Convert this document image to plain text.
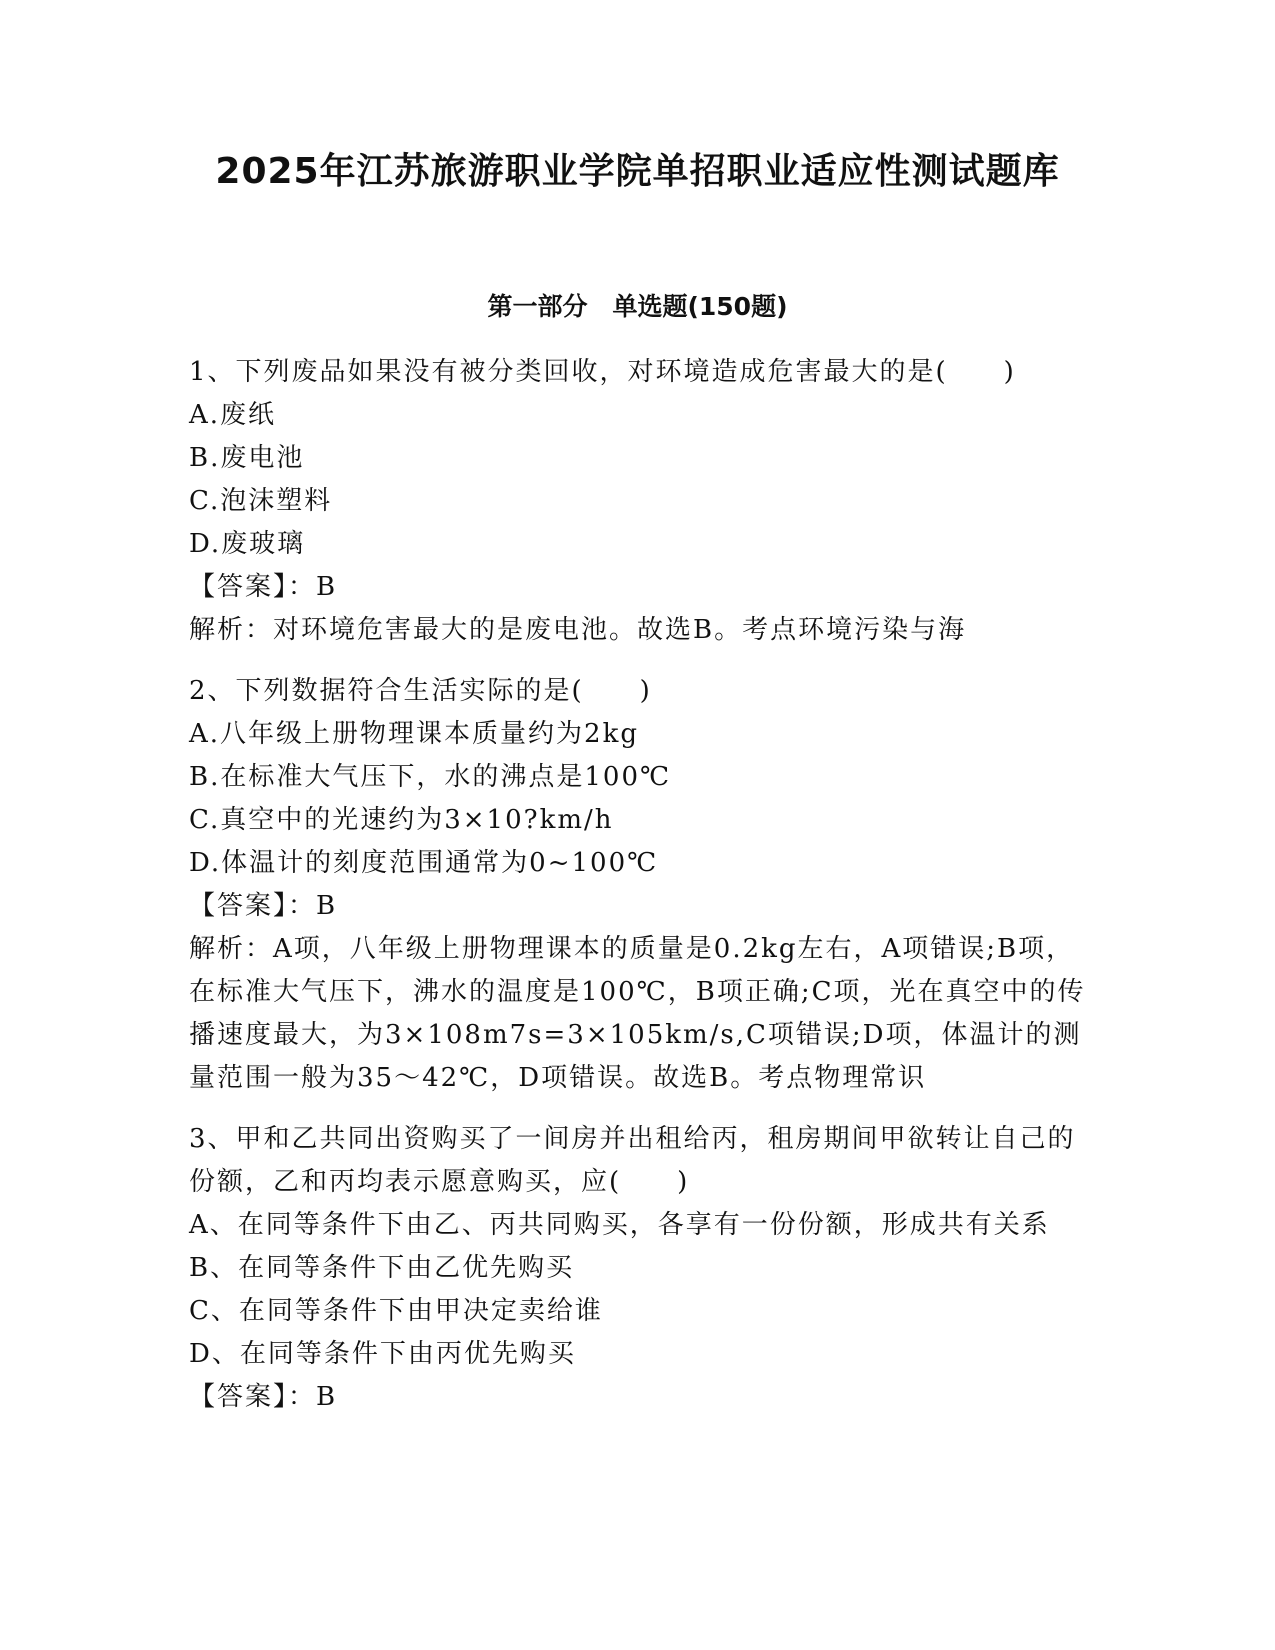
2025年江苏旅游职业学院单招职业适应性测试题库
第一部分　单选题(150题)
1、下列废品如果没有被分类回收，对环境造成危害最大的是(　　)
A.废纸
B.废电池
C.泡沫塑料
D.废玻璃
【答案】：B
解析：对环境危害最大的是废电池。故选B。考点环境污染与海
2、下列数据符合生活实际的是(　　)
A.八年级上册物理课本质量约为2kg
B.在标准大气压下，水的沸点是100℃
C.真空中的光速约为3×10?km/h
D.体温计的刻度范围通常为0~100℃
【答案】：B
解析：A项，八年级上册物理课本的质量是0.2kg左右，A项错误;B项，在标准大气压下，沸水的温度是100℃，B项正确;C项，光在真空中的传播速度最大，为3×108m7s=3×105km/s,C项错误;D项，体温计的测量范围一般为35～42℃，D项错误。故选B。考点物理常识
3、甲和乙共同出资购买了一间房并出租给丙，租房期间甲欲转让自己的份额，乙和丙均表示愿意购买，应(　　)
A、在同等条件下由乙、丙共同购买，各享有一份份额，形成共有关系
B、在同等条件下由乙优先购买
C、在同等条件下由甲决定卖给谁
D、在同等条件下由丙优先购买
【答案】：B
